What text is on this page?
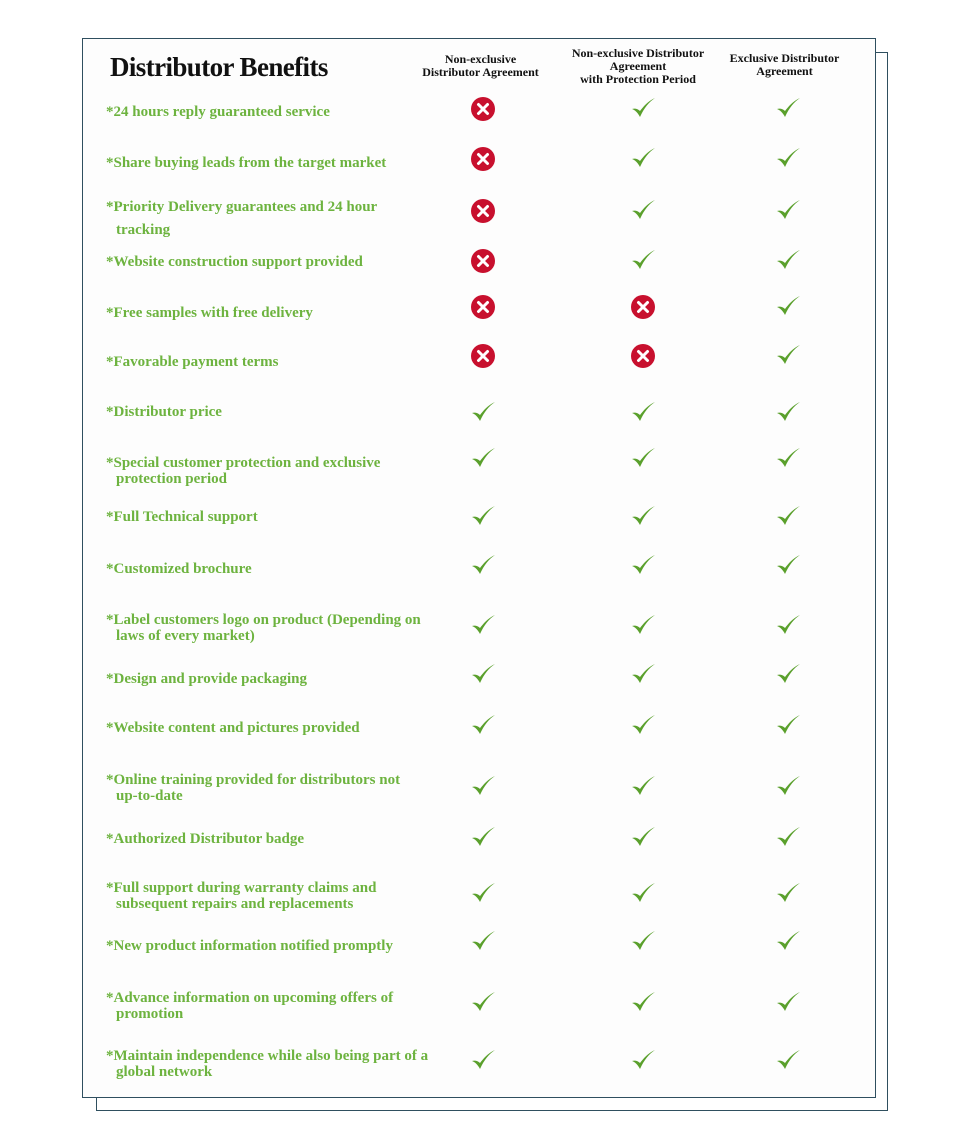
Distributor Benefits	Non-exclusive
Distributor Agreement
Non-exclusive Distributor
Agreement
with Protection Period
Exclusive Distributor
Agreement
*24 hours reply guaranteed service
*Share buying leads from the target market
*Priority Delivery guarantees and 24 hour
tracking
*Website construction support provided
*Free samples with free delivery
*Favorable payment terms
*Distributor price
*Special customer protection and exclusive
protection period
*Full Technical support
*Customized brochure
*Label customers logo on product (Depending on
laws of every market)
*Design and provide packaging
*Website content and pictures provided
*Online training provided for distributors not
up-to-date
*Authorized Distributor badge
*Full support during warranty claims and
subsequent repairs and replacements
*New product information notified promptly
*Advance information on upcoming offers of
promotion
*Maintain independence while also being part of a
global network
